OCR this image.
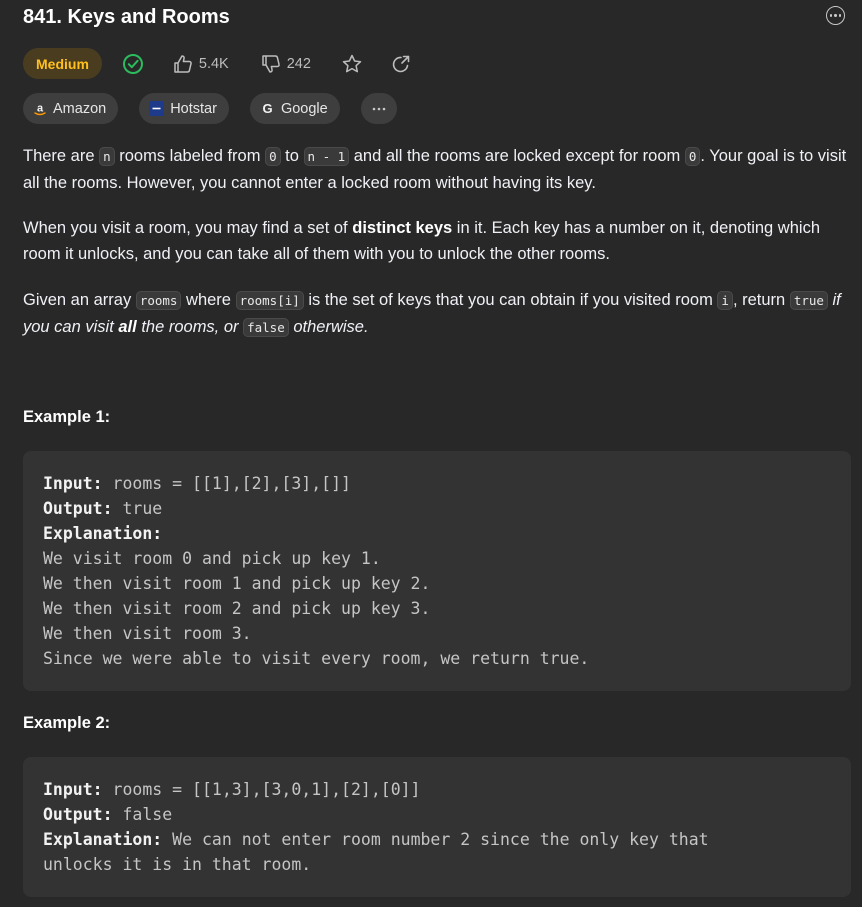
841. Keys and Rooms
Medium	5.4K	242
a Amazon	Hotstar	G Google
There are n rooms labeled from 0 to n - 1 and all the rooms are locked except for room 0 . Your goal is to visit all the rooms. However, you cannot enter a locked room without having its key.
When you visit a room, you may find a set of distinct keys in it. Each key has a number on it, denoting which room it unlocks, and you can take all of them with you to unlock the other rooms.
Given an array rooms where rooms[i] is the set of keys that you can obtain if you visited room i , return true if you can visit all the rooms, or false otherwise.
Example 1:
Input: rooms = [[1],[2],[3],[]]
Output: true
Explanation:
We visit room 0 and pick up key 1.
We then visit room 1 and pick up key 2.
We then visit room 2 and pick up key 3.
We then visit room 3.
Since we were able to visit every room, we return true.
Example 2:
Input: rooms = [[1,3],[3,0,1],[2],[0]]
Output: false
Explanation: We can not enter room number 2 since the only key that
unlocks it is in that room.
